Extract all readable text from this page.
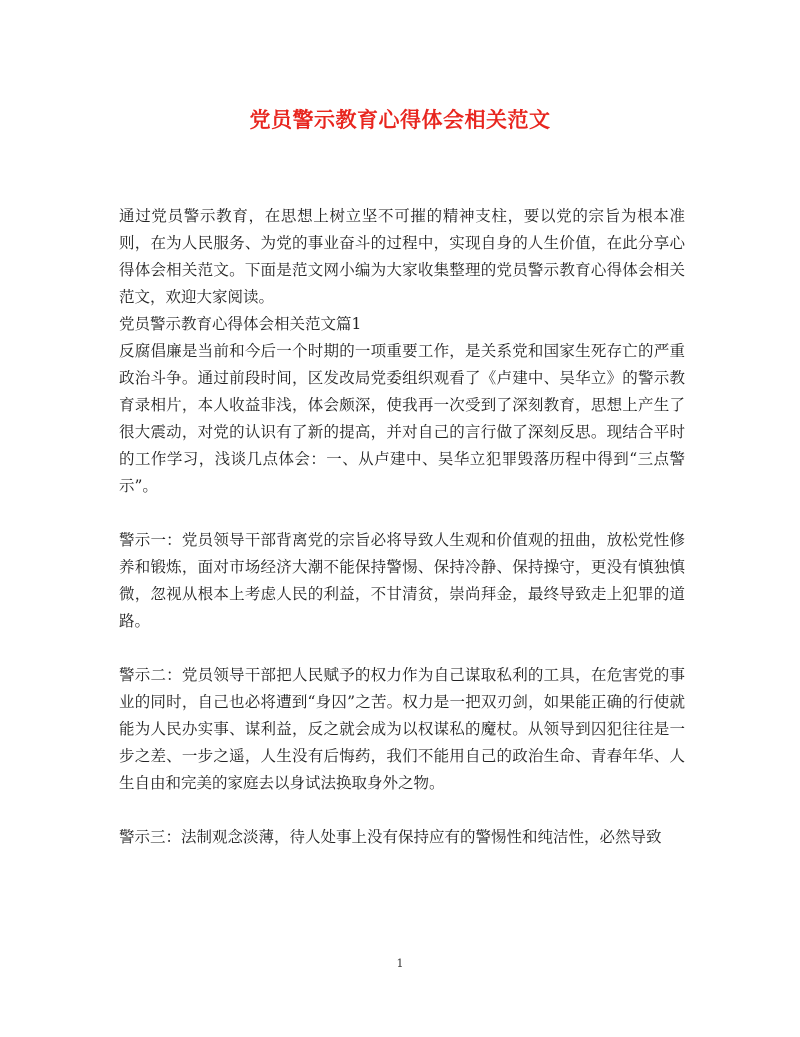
党员警示教育心得体会相关范文

通过党员警示教育，在思想上树立坚不可摧的精神支柱，要以党的宗旨为根本准则，在为人民服务、为党的事业奋斗的过程中，实现自身的人生价值，在此分享心得体会相关范文。下面是范文网小编为大家收集整理的党员警示教育心得体会相关范文，欢迎大家阅读。

党员警示教育心得体会相关范文篇1

反腐倡廉是当前和今后一个时期的一项重要工作，是关系党和国家生死存亡的严重政治斗争。通过前段时间，区发改局党委组织观看了《卢建中、吴华立》的警示教育录相片，本人收益非浅，体会颇深，使我再一次受到了深刻教育，思想上产生了很大震动，对党的认识有了新的提高，并对自己的言行做了深刻反思。现结合平时的工作学习，浅谈几点体会：一、从卢建中、吴华立犯罪毁落历程中得到“三点警示”。

警示一：党员领导干部背离党的宗旨必将导致人生观和价值观的扭曲，放松党性修养和锻炼，面对市场经济大潮不能保持警惕、保持冷静、保持操守，更没有慎独慎微，忽视从根本上考虑人民的利益，不甘清贫，崇尚拜金，最终导致走上犯罪的道路。

警示二：党员领导干部把人民赋予的权力作为自己谋取私利的工具，在危害党的事业的同时，自己也必将遭到“身囚”之苦。权力是一把双刃剑，如果能正确的行使就能为人民办实事、谋利益，反之就会成为以权谋私的魔杖。从领导到囚犯往往是一步之差、一步之遥，人生没有后悔药，我们不能用自己的政治生命、青春年华、人生自由和完美的家庭去以身试法换取身外之物。

警示三：法制观念淡薄，待人处事上没有保持应有的警惕性和纯洁性，必然导致

1
